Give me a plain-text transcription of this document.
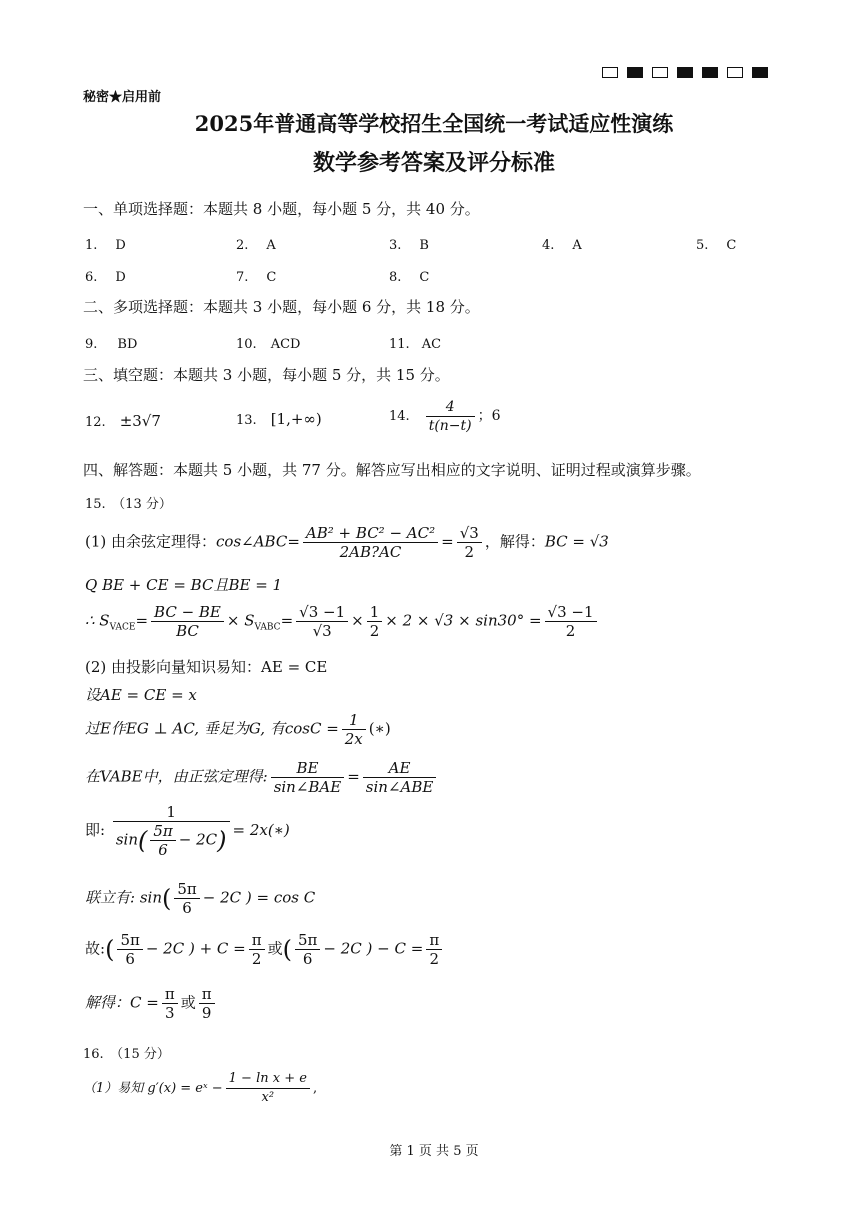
秘密★启用前
2025年普通高等学校招生全国统一考试适应性演练
数学参考答案及评分标准
一、单项选择题：本题共 8 小题，每小题 5 分，共 40 分。
1. D	2. A	3. B	4. A	5. C
6. D	7. C	8. C
二、多项选择题：本题共 3 小题，每小题 6 分，共 18 分。
9. BD	10. ACD	11. AC
三、填空题：本题共 3 小题，每小题 5 分，共 15 分。
12. ±3√7	13. [1,+∞)	14. $\frac{4}{t(n-t)}$ ；6
四、解答题：本题共 5 小题，共 77 分。解答应写出相应的文字说明、证明过程或演算步骤。
15.　（13 分）
(1) 由余弦定理得：cos∠ABC= $\frac{\text{AB² + BC² − AC²}}{2AB?AC} = \frac{√3}{2}$ ，解得：BC = √3
Q BE + CE = BC且BE = 1
∴ $S_{VACE}= \frac{BC - BE}{BC} \times S_{VABC}= \frac{√3 -1}{√3} \times \frac{1}{2} \times 2 \times √3 \times \sin 30^\circ = \frac{√3 -1}{2}$
(2) 由投影向量知识易知：AE = CE
设AE = CE = x
过E作EG ⊥ AC, 垂足为G, 有$\cos C = \frac{1}{2x}$ (∗)
在VABE中，由正弦定理得: $\frac{BE}{\text{sin∠BAE}} = \frac{AE}{\text{sin∠ABE}}$
即: $\frac{1}{\sin( \frac{5\pi}{6} - 2C)}$ = 2x(∗)
联立有: $\sin( \frac{5\pi}{6} - 2C$ ) = cos C
故:( $\frac{5\pi}{6} - 2C$ ) + $C = \frac{\pi}{2}$ 或( $\frac{5\pi}{6} - 2C$ ) − $C = \frac{\pi}{2}$
解得：$C = \frac{\pi}{3}$ 或 $\frac{\pi}{9}$
16.　（15 分）
（1）易知 g′(x) = eˣ − $\frac{\text{1 − ln x + e}}{\text{x²}}$ ,
第 1 页 共 5 页
